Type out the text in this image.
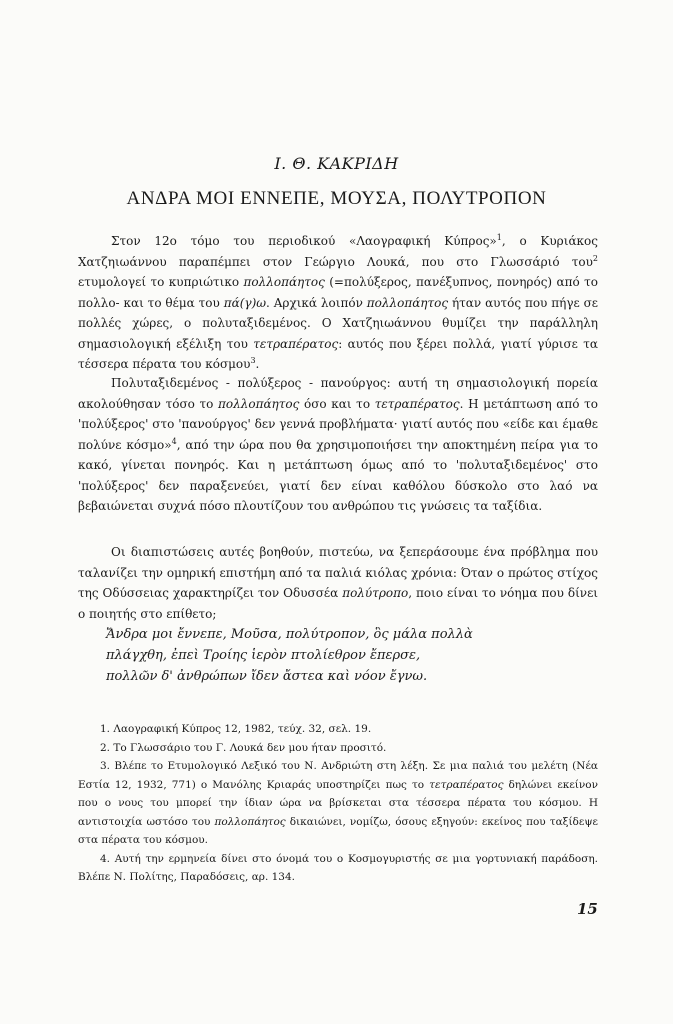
Ι. Θ. ΚΑΚΡΙΔΗ
ΑΝΔΡΑ ΜΟΙ ΕΝΝΕΠΕ, ΜΟΥΣΑ, ΠΟΛΥΤΡΟΠΟΝ

Στον 12ο τόμο του περιοδικού «Λαογραφική Κύπρος»$^1$, ο Κυριάκος Χατζηιωάννου παραπέμπει στον Γεώργιο Λουκά, που στο Γλωσσάριό του$^2$ ετυμολογεί το κυπριώτικο πολλοπάητος (=πολύξερος, πανέξυπνος, πονηρός) από το πολλο- και το θέμα του πά(γ)ω. Αρχικά λοιπόν πολλοπάητος ήταν αυτός που πήγε σε πολλές χώρες, ο πολυταξιδεμένος. Ο Χατζηιωάννου θυμίζει την παράλληλη σημασιολογική εξέλιξη του τετραπέρατος: αυτός που ξέρει πολλά, γιατί γύρισε τα τέσσερα πέρατα του κόσμου$^3$.

Πολυταξιδεμένος - πολύξερος - πανούργος: αυτή τη σημασιολογική πορεία ακολούθησαν τόσο το πολλοπάητος όσο και το τετραπέρατος. Η μετάπτωση από το 'πολύξερος' στο 'πανούργος' δεν γεννά προβλήματα· γιατί αυτός που «είδε και έμαθε πολύνε κόσμο»$^4$, από την ώρα που θα χρησιμοποιήσει την αποκτημένη πείρα για το κακό, γίνεται πονηρός. Και η μετάπτωση όμως από το 'πολυταξιδεμένος' στο 'πολύξερος' δεν παραξενεύει, γιατί δεν είναι καθόλου δύσκολο στο λαό να βεβαιώνεται συχνά πόσο πλουτίζουν του ανθρώπου τις γνώσεις τα ταξίδια.

Οι διαπιστώσεις αυτές βοηθούν, πιστεύω, να ξεπεράσουμε ένα πρόβλημα που ταλανίζει την ομηρική επιστήμη από τα παλιά κιόλας χρόνια: Όταν ο πρώτος στίχος της Οδύσσειας χαρακτηρίζει τον Οδυσσέα πολύτροπο, ποιο είναι το νόημα που δίνει ο ποιητής στο επίθετο;

Ἄνδρα μοι ἔννεπε, Μοῦσα, πολύτροπον, ὃς μάλα πολλὰ
πλάγχθη, ἐπεὶ Τροίης ἱερὸν πτολίεθρον ἔπερσε,
πολλῶν δ' ἀνθρώπων ἴδεν ἄστεα καὶ νόον ἔγνω.

1. Λαογραφική Κύπρος 12, 1982, τεύχ. 32, σελ. 19.

2. Το Γλωσσάριο του Γ. Λουκά δεν μου ήταν προσιτό.

3. Βλέπε το Ετυμολογικό Λεξικό του Ν. Ανδριώτη στη λέξη. Σε μια παλιά του μελέτη (Νέα Εστία 12, 1932, 771) ο Μανόλης Κριαράς υποστηρίζει πως το τετραπέρατος δηλώνει εκείνον που ο νους του μπορεί την ίδιαν ώρα να βρίσκεται στα τέσσερα πέρατα του κόσμου. Η αντιστοιχία ωστόσο του πολλοπάητος δικαιώνει, νομίζω, όσους εξηγούν: εκείνος που ταξίδεψε στα πέρατα του κόσμου.

4. Αυτή την ερμηνεία δίνει στο όνομά του ο Κοσμογυριστής σε μια γορτυνιακή παράδοση. Βλέπε Ν. Πολίτης, Παραδόσεις, αρ. 134.

15
